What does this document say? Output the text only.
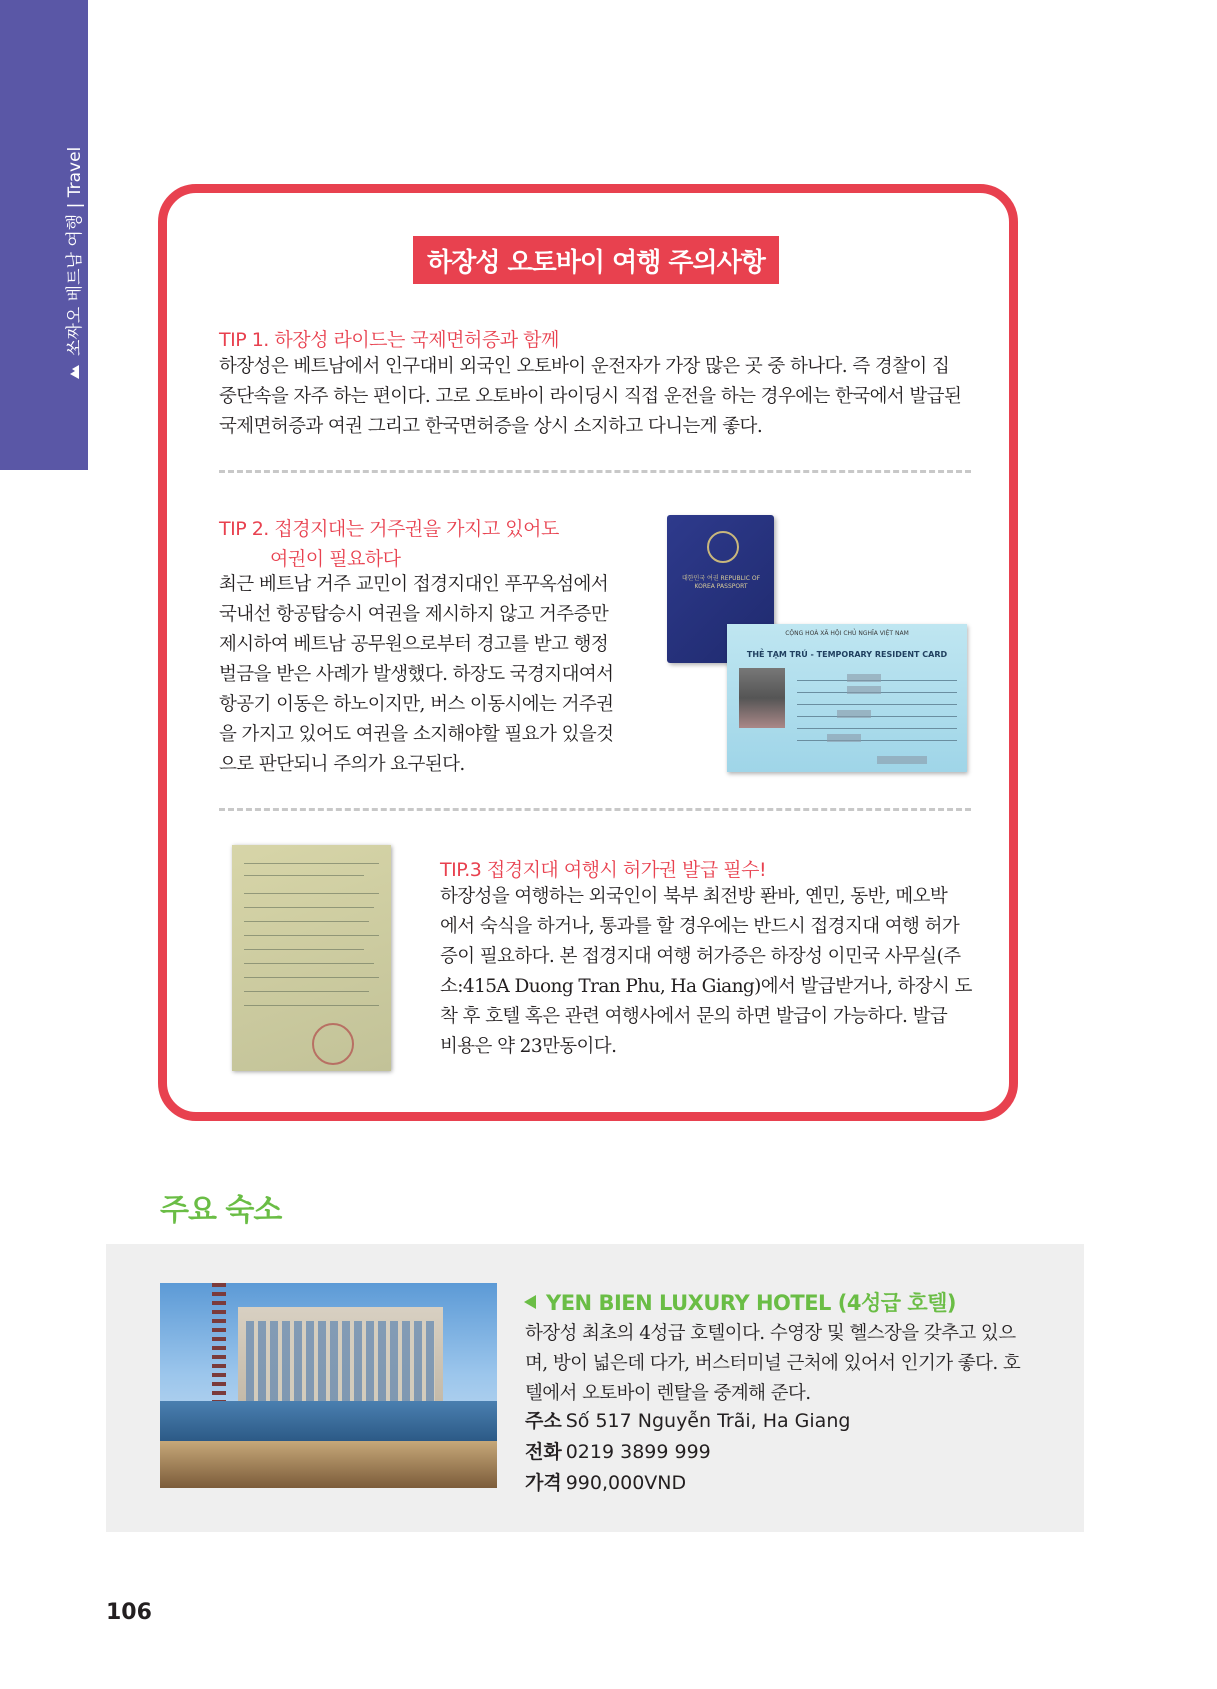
쏘짜오 베트남 여행 | Travel	하장성 오토바이 여행 주의사항
TIP 1. 하장성 라이드는 국제면허증과 함께
하장성은 베트남에서 인구대비 외국인 오토바이 운전자가 가장 많은 곳 중 하나다. 즉 경찰이 집
중단속을 자주 하는 편이다. 고로 오토바이 라이딩시 직접 운전을 하는 경우에는 한국에서 발급된
국제면허증과 여권 그리고 한국면허증을 상시 소지하고 다니는게 좋다.
TIP 2. 접경지대는 거주권을 가지고 있어도
여권이 필요하다
최근 베트남 거주 교민이 접경지대인 푸꾸옥섬에서
국내선 항공탑승시 여권을 제시하지 않고 거주증만
제시하여 베트남 공무원으로부터 경고를 받고 행정
벌금을 받은 사례가 발생했다. 하장도 국경지대여서
항공기 이동은 하노이지만, 버스 이동시에는 거주권
을 가지고 있어도 여권을 소지해야할 필요가 있을것
으로 판단되니 주의가 요구된다.
대한민국 여권 REPUBLIC OF KOREA PASSPORT
CỘNG HOÀ XÃ HỘI CHỦ NGHĨA VIỆT NAM
THẺ TẠM TRÚ - TEMPORARY RESIDENT CARD
TIP.3 접경지대 여행시 허가권 발급 필수!
하장성을 여행하는 외국인이 북부 최전방 퐌바, 옌민, 동반, 메오박
에서 숙식을 하거나, 통과를 할 경우에는 반드시 접경지대 여행 허가
증이 필요하다. 본 접경지대 여행 허가증은 하장성 이민국 사무실(주
소:415A Duong Tran Phu, Ha Giang)에서 발급받거나, 하장시 도
착 후 호텔 혹은 관련 여행사에서 문의 하면 발급이 가능하다. 발급
비용은 약 23만동이다.
주요 숙소
YEN BIEN LUXURY HOTEL (4성급 호텔)
하장성 최초의 4성급 호텔이다. 수영장 및 헬스장을 갖추고 있으
며, 방이 넓은데 다가, 버스터미널 근처에 있어서 인기가 좋다. 호
텔에서 오토바이 렌탈을 중계해 준다.
주소 Số 517 Nguyễn Trãi, Ha Giang
전화 0219 3899 999
가격 990,000VND
106
